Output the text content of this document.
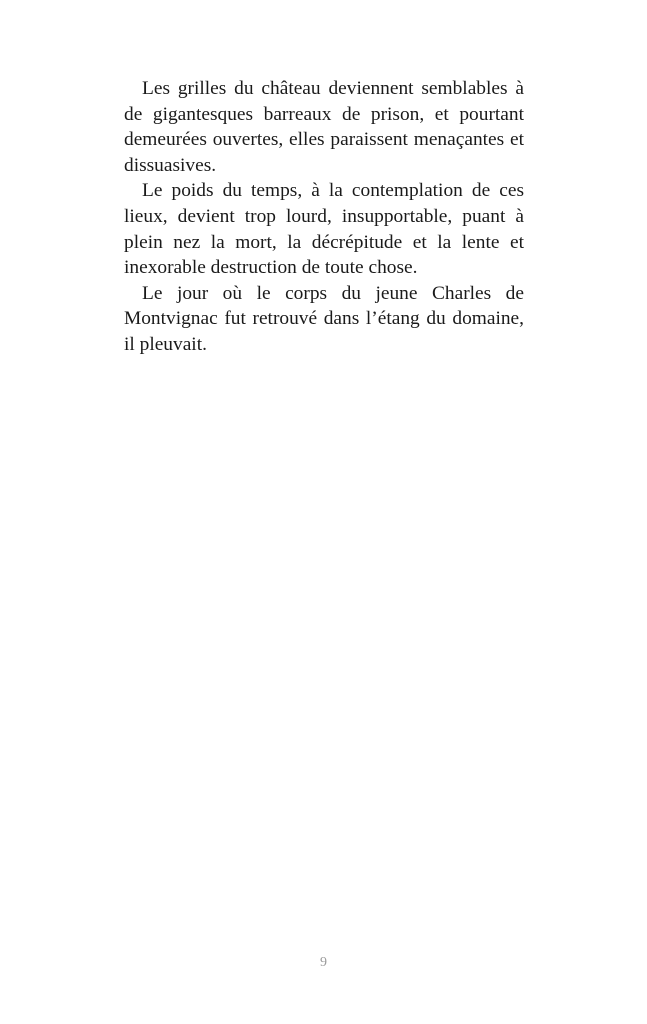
Les grilles du château deviennent semblables à de gigantesques barreaux de prison, et pourtant demeurées ouvertes, elles paraissent menaçantes et dissuasives.

Le poids du temps, à la contemplation de ces lieux, devient trop lourd, insupportable, puant à plein nez la mort, la décrépitude et la lente et inexorable destruction de toute chose.

Le jour où le corps du jeune Charles de Montvignac fut retrouvé dans l’étang du domaine, il pleuvait.

9
